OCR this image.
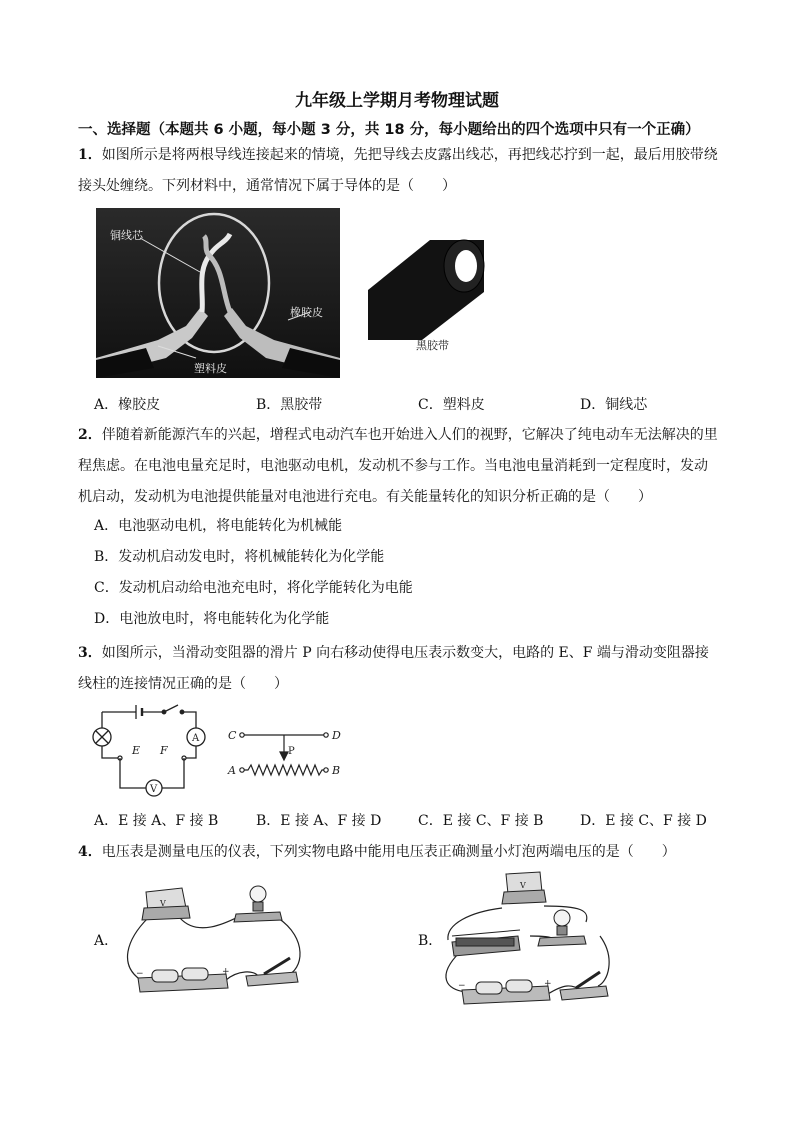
九年级上学期月考物理试题
一、选择题（本题共 6 小题，每小题 3 分，共 18 分，每小题给出的四个选项中只有一个正确）
1．如图所示是将两根导线连接起来的情境，先把导线去皮露出线芯，再把线芯拧到一起，最后用胶带绕接头处缠绕。下列材料中，通常情况下属于导体的是（　　）
铜线芯
橡胶皮
塑料皮
黑胶带
A．橡胶皮	B．黑胶带	C．塑料皮	D．铜线芯
2．伴随着新能源汽车的兴起，增程式电动汽车也开始进入人们的视野，它解决了纯电动车无法解决的里程焦虑。在电池电量充足时，电池驱动电机，发动机不参与工作。当电池电量消耗到一定程度时，发动机启动，发动机为电池提供能量对电池进行充电。有关能量转化的知识分析正确的是（　　）
A．电池驱动电机，将电能转化为机械能
B．发动机启动发电时，将机械能转化为化学能
C．发动机启动给电池充电时，将化学能转化为电能
D．电池放电时，将电能转化为化学能
3．如图所示，当滑动变阻器的滑片 P 向右移动使得电压表示数变大，电路的 E、F 端与滑动变阻器接线柱的连接情况正确的是（　　）
A
V
E F
C	D
A	B
P
A．E 接 A、F 接 B	B．E 接 A、F 接 D	C．E 接 C、F 接 B	D．E 接 C、F 接 D
4．电压表是测量电压的仪表，下列实物电路中能用电压表正确测量小灯泡两端电压的是（　　）
A．
V
−	+
B．
V
−	+
